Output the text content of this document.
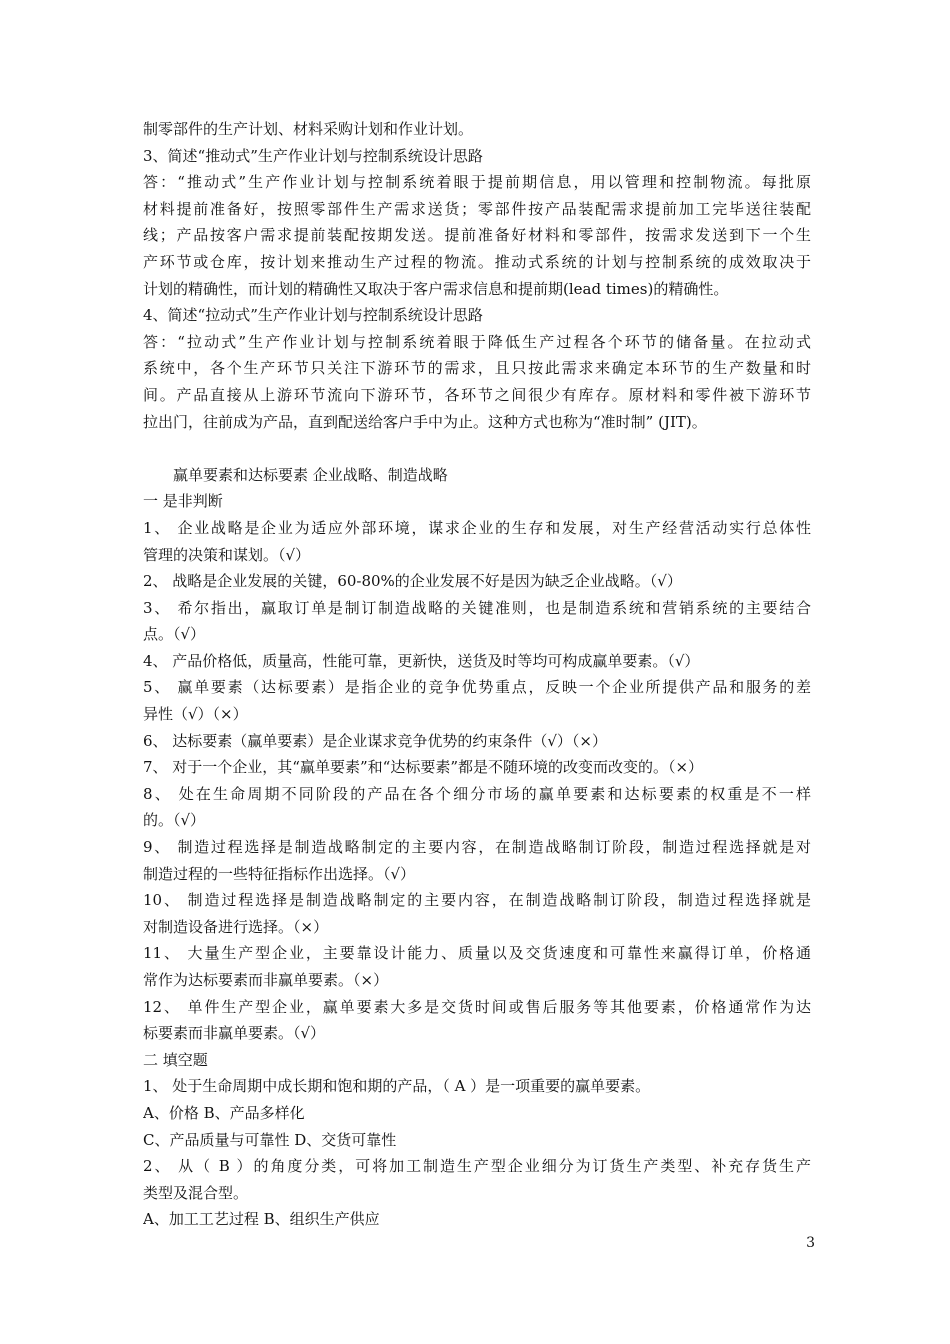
制零部件的生产计划、材料采购计划和作业计划。
3、简述“推动式”生产作业计划与控制系统设计思路
答：“推动式”生产作业计划与控制系统着眼于提前期信息，用以管理和控制物流。每批原
材料提前准备好，按照零部件生产需求送货；零部件按产品装配需求提前加工完毕送往装配
线；产品按客户需求提前装配按期发送。提前准备好材料和零部件，按需求发送到下一个生
产环节或仓库，按计划来推动生产过程的物流。推动式系统的计划与控制系统的成效取决于
计划的精确性，而计划的精确性又取决于客户需求信息和提前期(lead times)的精确性。
4、简述“拉动式”生产作业计划与控制系统设计思路
答：“拉动式”生产作业计划与控制系统着眼于降低生产过程各个环节的储备量。在拉动式
系统中，各个生产环节只关注下游环节的需求，且只按此需求来确定本环节的生产数量和时
间。产品直接从上游环节流向下游环节，各环节之间很少有库存。原材料和零件被下游环节
拉出门，往前成为产品，直到配送给客户手中为止。这种方式也称为“准时制” (JIT)。
赢单要素和达标要素 企业战略、制造战略
一 是非判断
1、 企业战略是企业为适应外部环境，谋求企业的生存和发展，对生产经营活动实行总体性
管理的决策和谋划。（√）
2、 战略是企业发展的关键，60-80%的企业发展不好是因为缺乏企业战略。（√）
3、 希尔指出，赢取订单是制订制造战略的关键准则，也是制造系统和营销系统的主要结合
点。（√）
4、 产品价格低，质量高，性能可靠，更新快，送货及时等均可构成赢单要素。（√）
5、 赢单要素（达标要素）是指企业的竞争优势重点，反映一个企业所提供产品和服务的差
异性（√）（×）
6、 达标要素（赢单要素）是企业谋求竞争优势的约束条件（√）（×）
7、 对于一个企业，其“赢单要素”和“达标要素”都是不随环境的改变而改变的。（×）
8、 处在生命周期不同阶段的产品在各个细分市场的赢单要素和达标要素的权重是不一样
的。（√）
9、 制造过程选择是制造战略制定的主要内容，在制造战略制订阶段，制造过程选择就是对
制造过程的一些特征指标作出选择。（√）
10、 制造过程选择是制造战略制定的主要内容，在制造战略制订阶段，制造过程选择就是
对制造设备进行选择。（×）
11、 大量生产型企业，主要靠设计能力、质量以及交货速度和可靠性来赢得订单，价格通
常作为达标要素而非赢单要素。（×）
12、 单件生产型企业，赢单要素大多是交货时间或售后服务等其他要素，价格通常作为达
标要素而非赢单要素。（√）
二 填空题
1、 处于生命周期中成长期和饱和期的产品，（ A ）是一项重要的赢单要素。
A、价格 B、产品多样化
C、产品质量与可靠性 D、交货可靠性
2、 从（ B ）的角度分类，可将加工制造生产型企业细分为订货生产类型、补充存货生产
类型及混合型。
A、加工工艺过程 B、组织生产供应
3
